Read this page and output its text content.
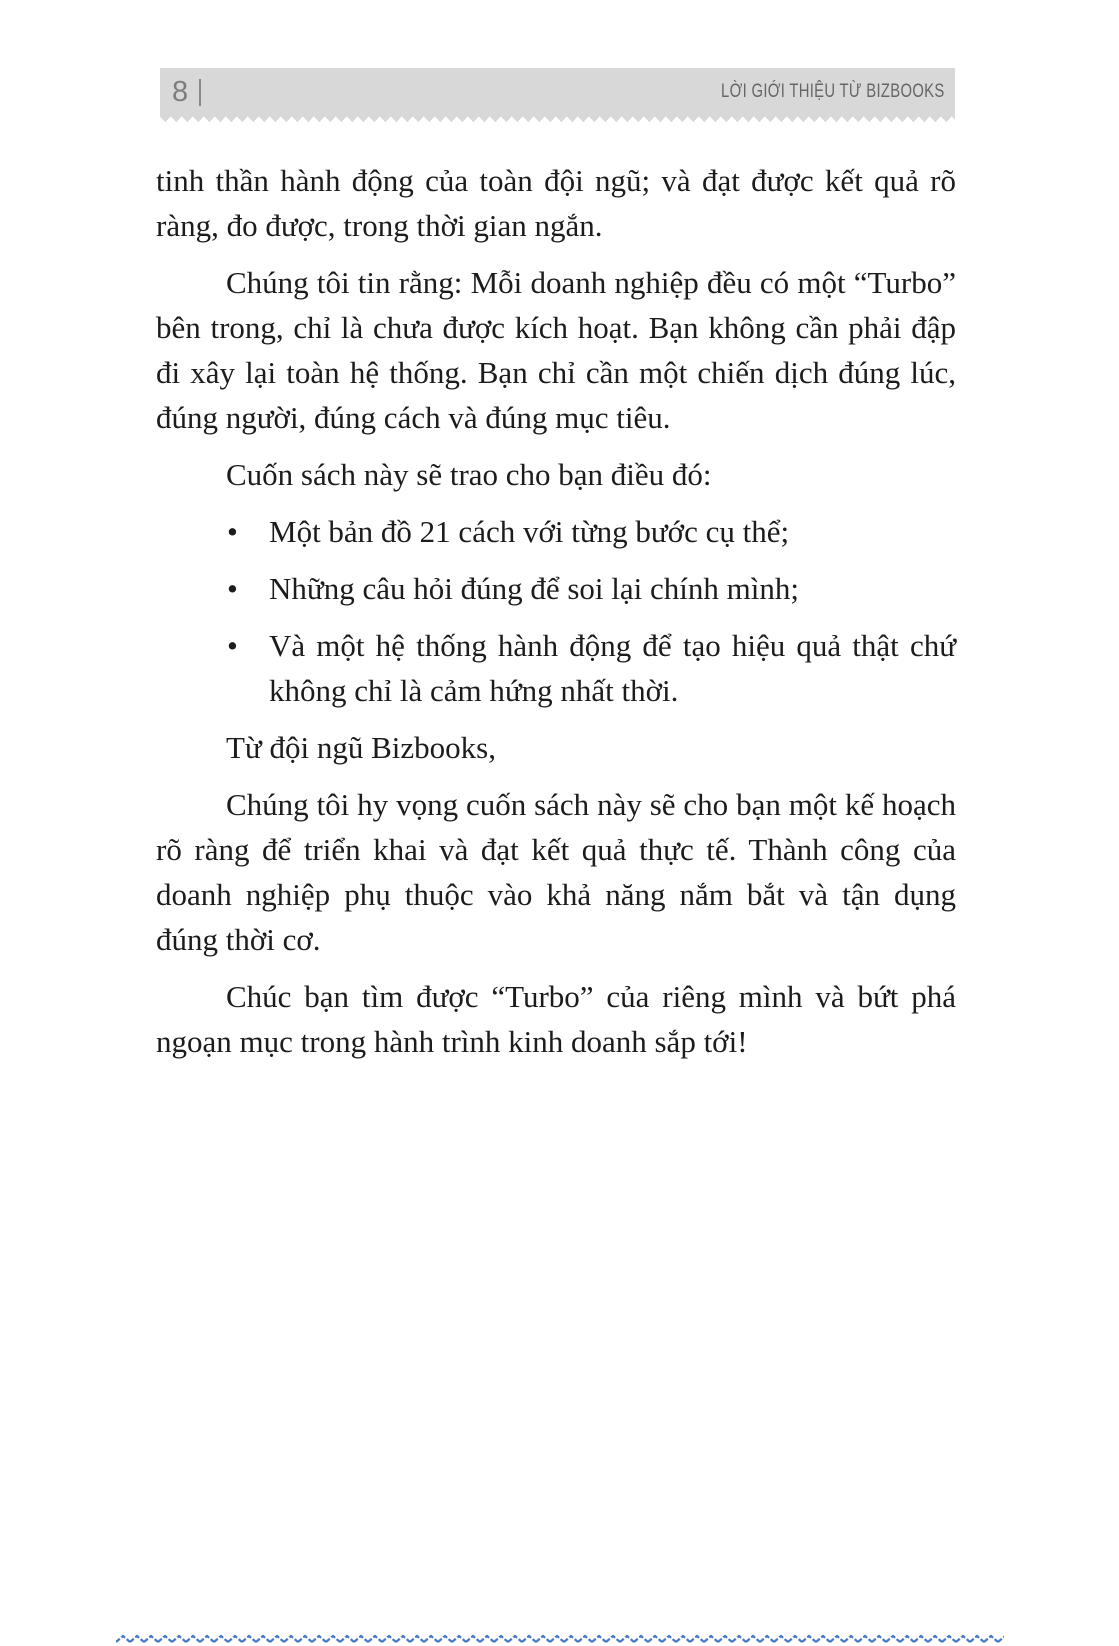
8	LỜI GIỚI THIỆU TỪ BIZBOOKS

tinh thần hành động của toàn đội ngũ; và đạt được kết quả rõ ràng, đo được, trong thời gian ngắn.

Chúng tôi tin rằng: Mỗi doanh nghiệp đều có một “Turbo” bên trong, chỉ là chưa được kích hoạt. Bạn không cần phải đập đi xây lại toàn hệ thống. Bạn chỉ cần một chiến dịch đúng lúc, đúng người, đúng cách và đúng mục tiêu.

Cuốn sách này sẽ trao cho bạn điều đó:

•	Một bản đồ 21 cách với từng bước cụ thể;
•	Những câu hỏi đúng để soi lại chính mình;
•	Và một hệ thống hành động để tạo hiệu quả thật chứ không chỉ là cảm hứng nhất thời.

Từ đội ngũ Bizbooks,

Chúng tôi hy vọng cuốn sách này sẽ cho bạn một kế hoạch rõ ràng để triển khai và đạt kết quả thực tế. Thành công của doanh nghiệp phụ thuộc vào khả năng nắm bắt và tận dụng đúng thời cơ.

Chúc bạn tìm được “Turbo” của riêng mình và bứt phá ngoạn mục trong hành trình kinh doanh sắp tới!
